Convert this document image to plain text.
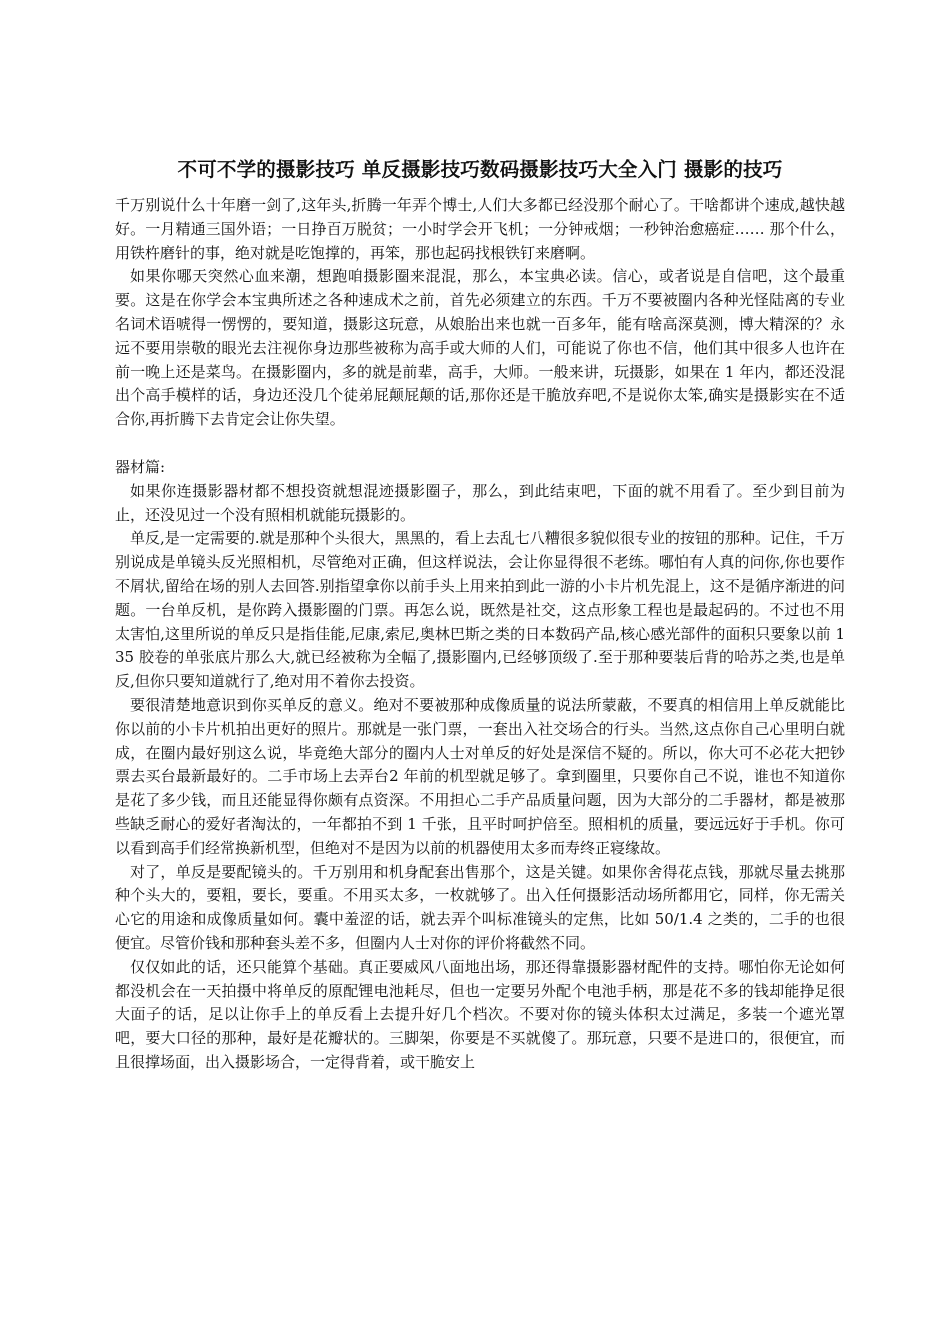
不可不学的摄影技巧 单反摄影技巧数码摄影技巧大全入门 摄影的技巧

千万别说什么十年磨一剑了,这年头,折腾一年弄个博士,人们大多都已经没那个耐心了。干啥都讲个速成,越快越好。一月精通三国外语；一日挣百万脱贫；一小时学会开飞机；一分钟戒烟；一秒钟治愈癌症…… 那个什么，用铁杵磨针的事，绝对就是吃饱撑的，再笨，那也起码找根铁钉来磨啊。

如果你哪天突然心血来潮，想跑咱摄影圈来混混，那么，本宝典必读。信心，或者说是自信吧，这个最重要。这是在你学会本宝典所述之各种速成术之前，首先必须建立的东西。千万不要被圈内各种光怪陆离的专业名词术语唬得一愣愣的，要知道，摄影这玩意，从娘胎出来也就一百多年，能有啥高深莫测，博大精深的？永远不要用崇敬的眼光去注视你身边那些被称为高手或大师的人们，可能说了你也不信，他们其中很多人也许在前一晚上还是菜鸟。在摄影圈内，多的就是前辈，高手，大师。一般来讲，玩摄影，如果在 1 年内，都还没混出个高手模样的话，身边还没几个徒弟屁颠屁颠的话,那你还是干脆放弃吧,不是说你太笨,确实是摄影实在不适合你,再折腾下去肯定会让你失望。

器材篇:

如果你连摄影器材都不想投资就想混迹摄影圈子，那么，到此结束吧，下面的就不用看了。至少到目前为止，还没见过一个没有照相机就能玩摄影的。

单反,是一定需要的.就是那种个头很大，黑黑的，看上去乱七八糟很多貌似很专业的按钮的那种。记住，千万别说成是单镜头反光照相机，尽管绝对正确，但这样说法，会让你显得很不老练。哪怕有人真的问你,你也要作不屑状,留给在场的别人去回答.别指望拿你以前手头上用来拍到此一游的小卡片机先混上，这不是循序渐进的问题。一台单反机，是你跨入摄影圈的门票。再怎么说，既然是社交，这点形象工程也是最起码的。不过也不用太害怕,这里所说的单反只是指佳能,尼康,索尼,奥林巴斯之类的日本数码产品,核心感光部件的面积只要象以前 135 胶卷的单张底片那么大,就已经被称为全幅了,摄影圈内,已经够顶级了.至于那种要装后背的哈苏之类,也是单反,但你只要知道就行了,绝对用不着你去投资。

要很清楚地意识到你买单反的意义。绝对不要被那种成像质量的说法所蒙蔽，不要真的相信用上单反就能比你以前的小卡片机拍出更好的照片。那就是一张门票，一套出入社交场合的行头。当然,这点你自己心里明白就成，在圈内最好别这么说，毕竟绝大部分的圈内人士对单反的好处是深信不疑的。所以，你大可不必花大把钞票去买台最新最好的。二手市场上去弄台2 年前的机型就足够了。拿到圈里，只要你自己不说，谁也不知道你是花了多少钱，而且还能显得你颇有点资深。不用担心二手产品质量问题，因为大部分的二手器材，都是被那些缺乏耐心的爱好者淘汰的，一年都拍不到 1 千张，且平时呵护倍至。照相机的质量，要远远好于手机。你可以看到高手们经常换新机型，但绝对不是因为以前的机器使用太多而寿终正寝缘故。

对了，单反是要配镜头的。千万别用和机身配套出售那个，这是关键。如果你舍得花点钱，那就尽量去挑那种个头大的，要粗，要长，要重。不用买太多，一枚就够了。出入任何摄影活动场所都用它，同样，你无需关心它的用途和成像质量如何。囊中羞涩的话，就去弄个叫标准镜头的定焦，比如 50/1.4 之类的，二手的也很便宜。尽管价钱和那种套头差不多，但圈内人士对你的评价将截然不同。

仅仅如此的话，还只能算个基础。真正要威风八面地出场，那还得靠摄影器材配件的支持。哪怕你无论如何都没机会在一天拍摄中将单反的原配锂电池耗尽，但也一定要另外配个电池手柄，那是花不多的钱却能挣足很大面子的话，足以让你手上的单反看上去提升好几个档次。不要对你的镜头体积太过满足，多装一个遮光罩吧，要大口径的那种，最好是花瓣状的。三脚架，你要是不买就傻了。那玩意，只要不是进口的，很便宜，而且很撑场面，出入摄影场合，一定得背着，或干脆安上
